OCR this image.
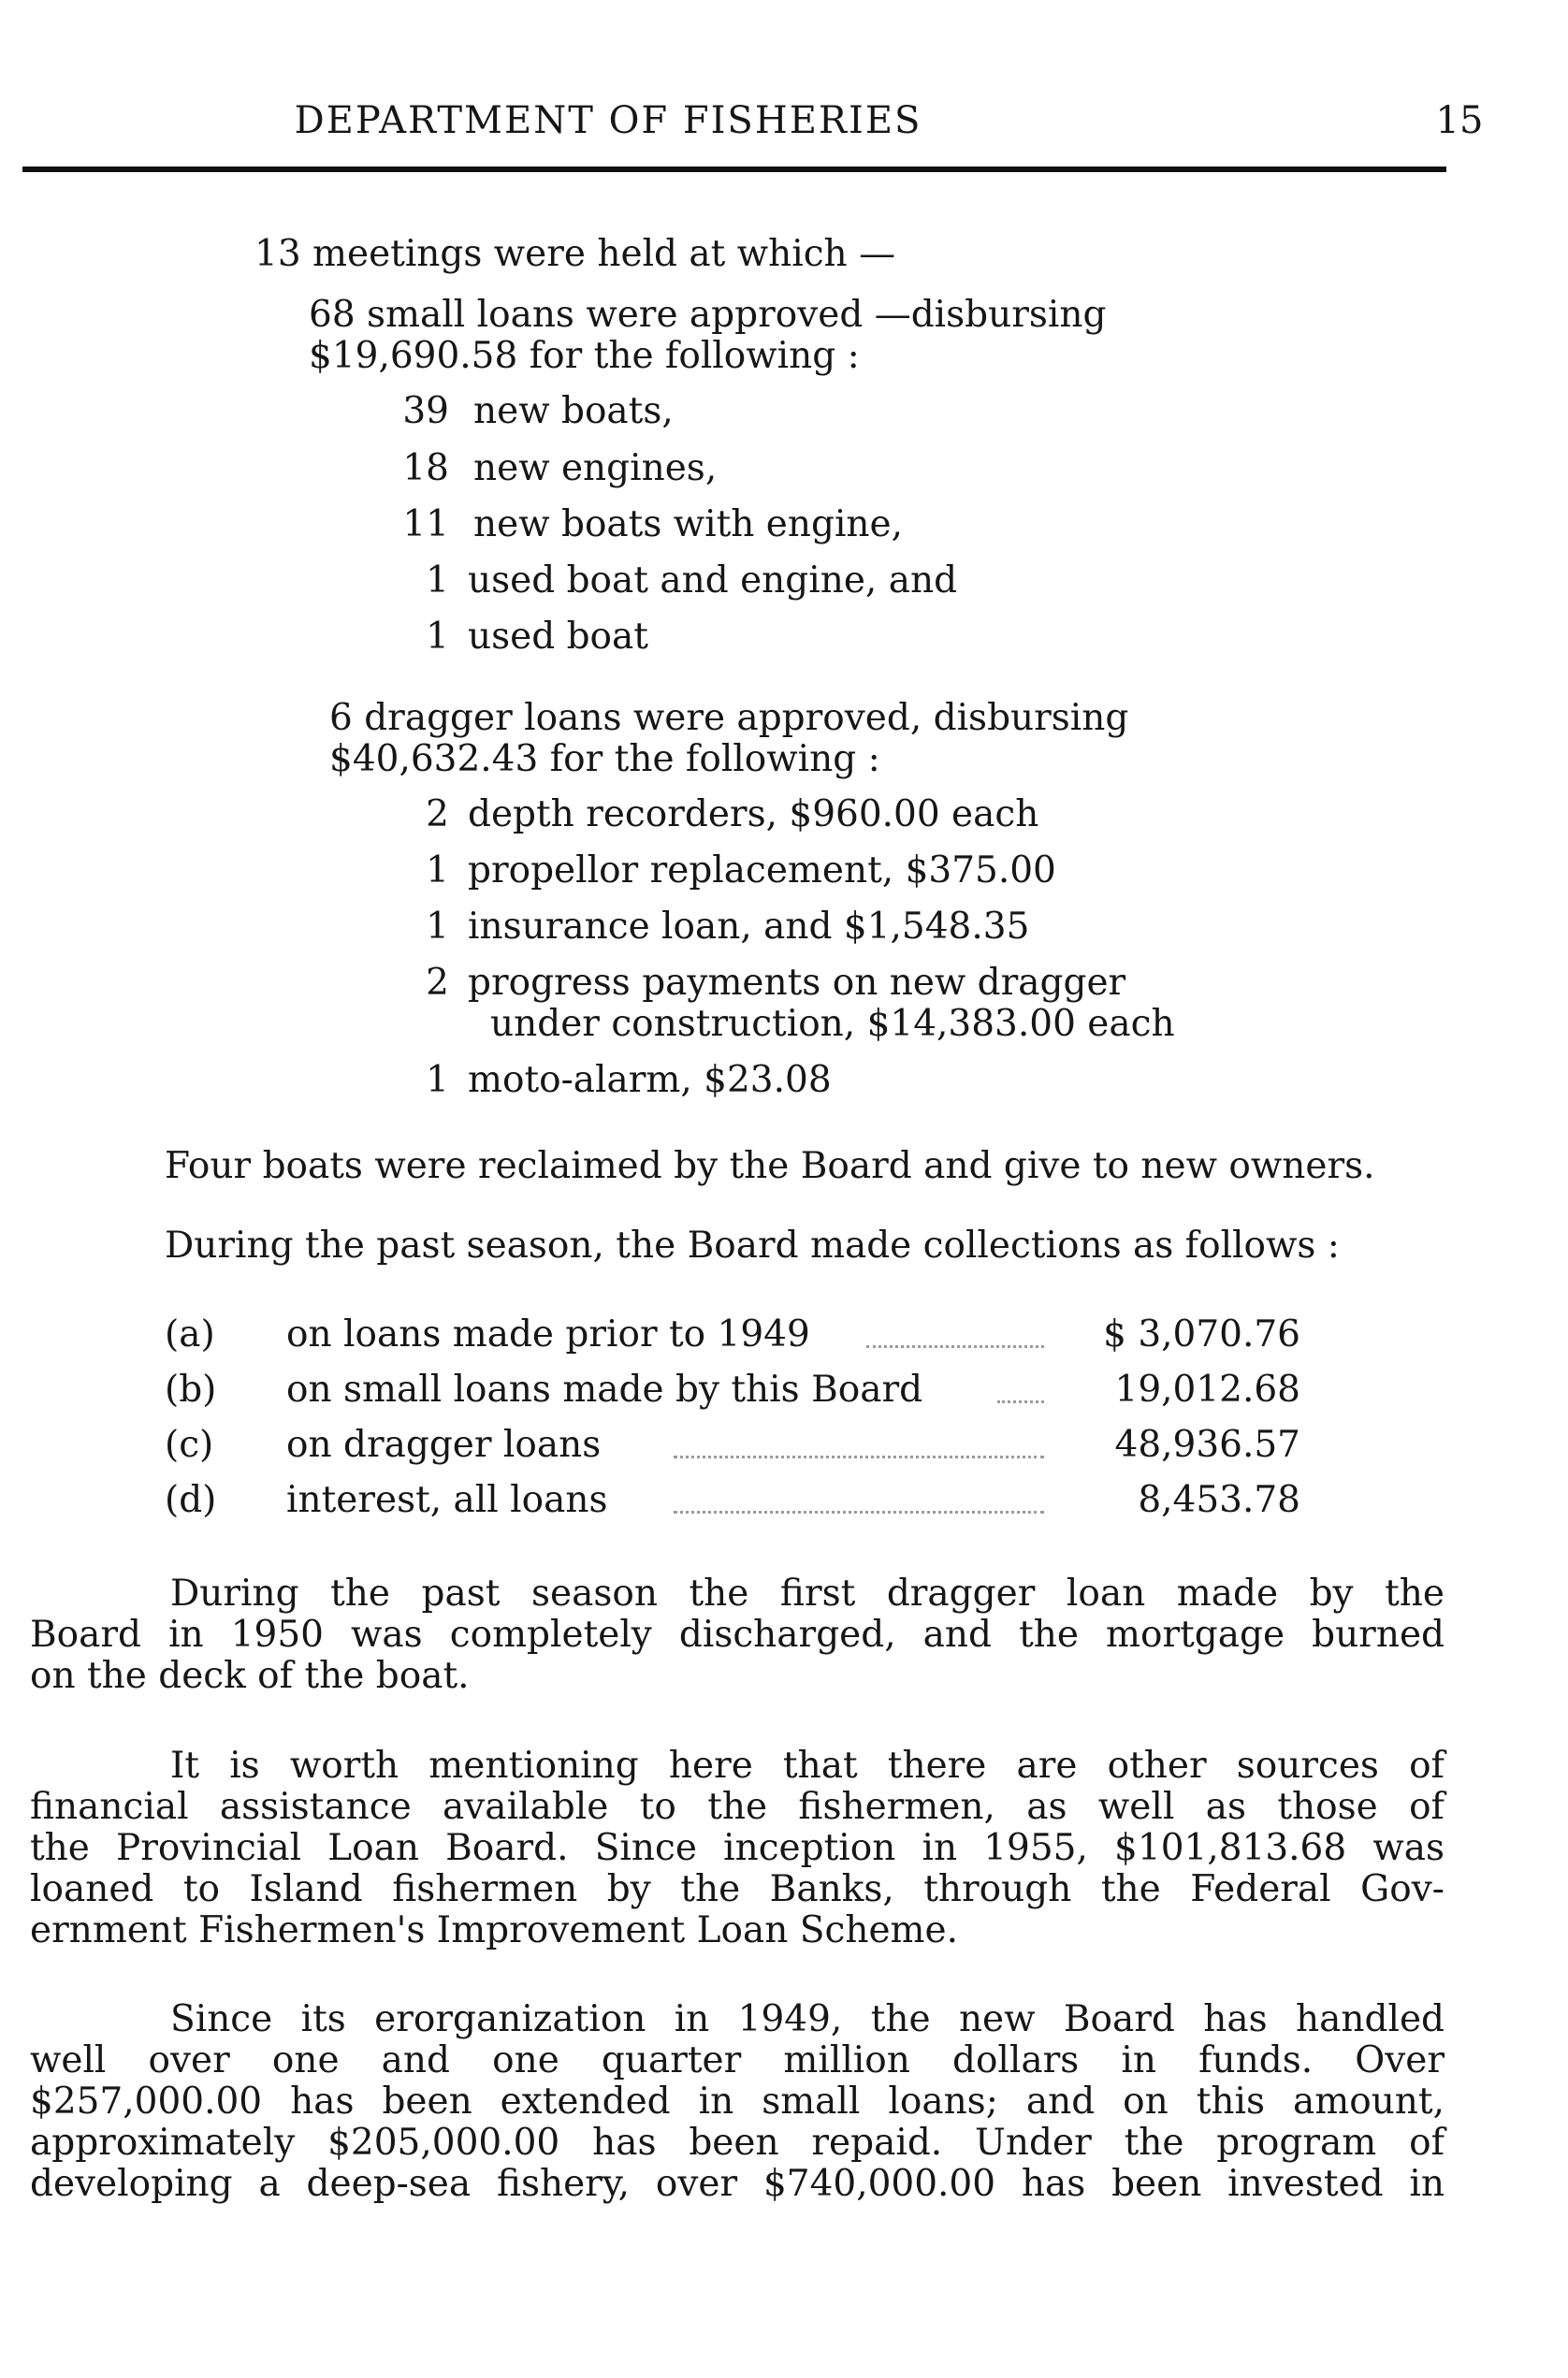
DEPARTMENT OF FISHERIES	15
13 meetings were held at which —
68 small loans were approved —disbursing
$19,690.58 for the following :
39 new boats,
18 new engines,
11 new boats with engine,
1 used boat and engine, and
1 used boat
6 dragger loans were approved, disbursing
$40,632.43 for the following :
2 depth recorders, $960.00 each
1 propellor replacement, $375.00
1 insurance loan, and $1,548.35
2 progress payments on new dragger
under construction, $14,383.00 each
1 moto-alarm, $23.08
Four boats were reclaimed by the Board and give to new owners.
During the past season, the Board made collections as follows :
(a) on loans made prior to 1949	$ 3,070.76
(b) on small loans made by this Board	19,012.68
(c) on dragger loans	48,936.57
(d) interest, all loans	8,453.78
During the past season the first dragger loan made by the
Board in 1950 was completely discharged, and the mortgage burned
on the deck of the boat.
It is worth mentioning here that there are other sources of
financial assistance available to the fishermen, as well as those of
the Provincial Loan Board. Since inception in 1955, $101,813.68 was
loaned to Island fishermen by the Banks, through the Federal Gov-
ernment Fishermen's Improvement Loan Scheme.
Since its erorganization in 1949, the new Board has handled
well over one and one quarter million dollars in funds. Over
$257,000.00 has been extended in small loans; and on this amount,
approximately $205,000.00 has been repaid. Under the program of
developing a deep-sea fishery, over $740,000.00 has been invested in
